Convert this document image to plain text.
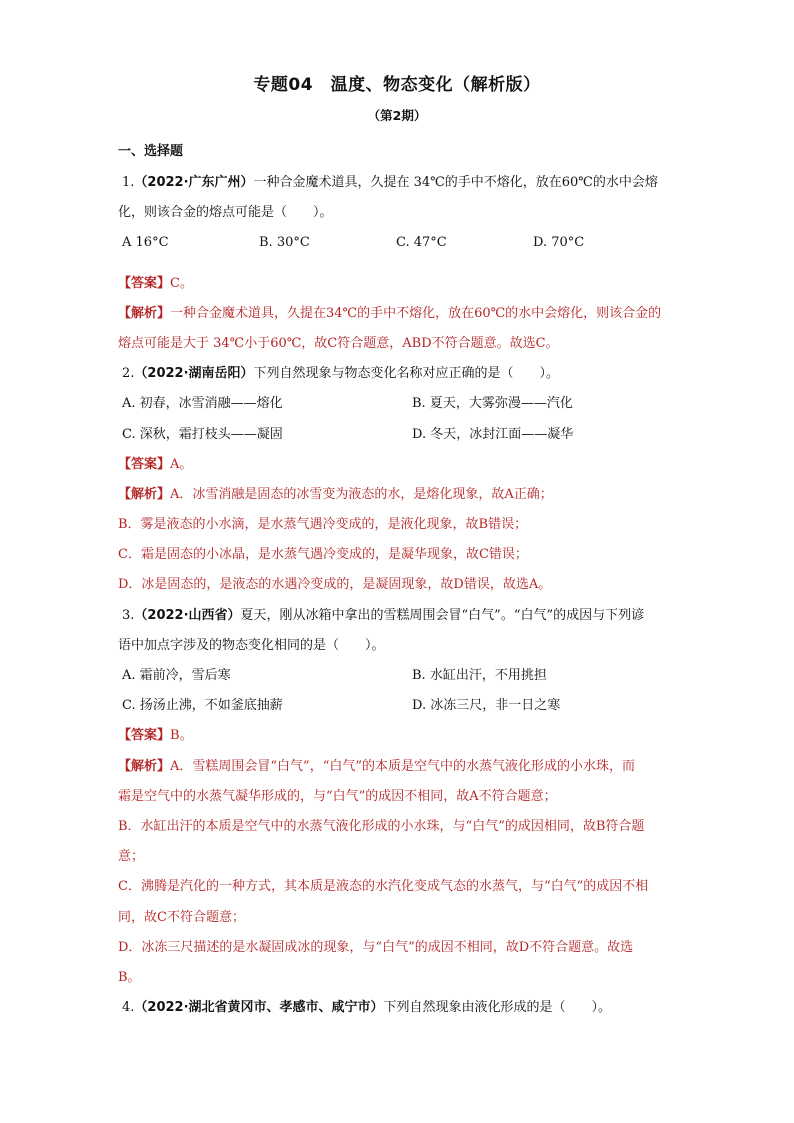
专题04　温度、物态变化（解析版）
（第2期）
一、选择题
1.（2022·广东广州）一种合金魔术道具，久提在 34℃的手中不熔化，放在60℃的水中会熔
化，则该合金的熔点可能是（　　）。
A 16°C	B. 30°C	C. 47°C	D. 70°C
【答案】C。
【解析】一种合金魔术道具，久提在34℃的手中不熔化，放在60℃的水中会熔化，则该合金的
熔点可能是大于 34℃小于60℃，故C符合题意，ABD不符合题意。故选C。
2.（2022·湖南岳阳）下列自然现象与物态变化名称对应正确的是（　　）。
A. 初春，冰雪消融——熔化	B. 夏天，大雾弥漫——汽化
C. 深秋，霜打枝头——凝固	D. 冬天，冰封江面——凝华
【答案】A。
【解析】A．冰雪消融是固态的冰雪变为液态的水，是熔化现象，故A正确；
B．雾是液态的小水滴，是水蒸气遇冷变成的，是液化现象，故B错误；
C．霜是固态的小冰晶，是水蒸气遇冷变成的，是凝华现象，故C错误；
D．冰是固态的，是液态的水遇冷变成的，是凝固现象，故D错误，故选A。
3.（2022·山西省）夏天，刚从冰箱中拿出的雪糕周围会冒“白气”。“白气”的成因与下列谚
语中加点字涉及的物态变化相同的是（　　）。
A. 霜前冷，雪后寒	B. 水缸出汗，不用挑担
C. 扬汤止沸，不如釜底抽薪	D. 冰冻三尺，非一日之寒
【答案】B。
【解析】A．雪糕周围会冒“白气”，“白气”的本质是空气中的水蒸气液化形成的小水珠，而
霜是空气中的水蒸气凝华形成的，与“白气”的成因不相同，故A不符合题意；
B．水缸出汗的本质是空气中的水蒸气液化形成的小水珠，与“白气”的成因相同，故B符合题
意；
C．沸腾是汽化的一种方式，其本质是液态的水汽化变成气态的水蒸气，与“白气”的成因不相
同，故C不符合题意；
D．冰冻三尺描述的是水凝固成冰的现象，与“白气”的成因不相同，故D不符合题意。故选
B。
4.（2022·湖北省黄冈市、孝感市、咸宁市）下列自然现象由液化形成的是（　　）。
